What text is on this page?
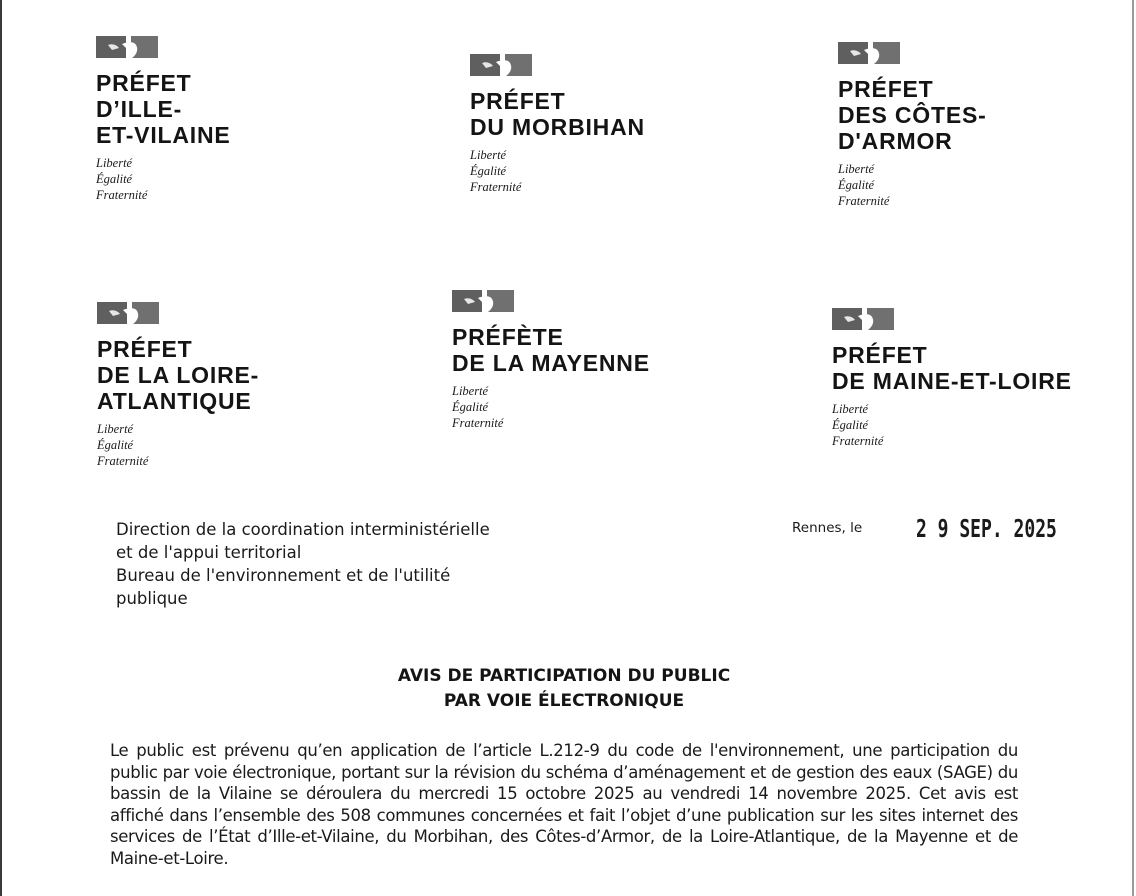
PRÉFET
D’ILLE-
ET-VILAINE
Liberté
Égalité
Fraternité
PRÉFET
DU MORBIHAN
Liberté
Égalité
Fraternité
PRÉFET
DES CÔTES-
D'ARMOR
Liberté
Égalité
Fraternité
PRÉFET
DE LA LOIRE-
ATLANTIQUE
Liberté
Égalité
Fraternité
PRÉFÈTE
DE LA MAYENNE
Liberté
Égalité
Fraternité
PRÉFET
DE MAINE-ET-LOIRE
Liberté
Égalité
Fraternité
Direction de la coordination interministérielle
et de l'appui territorial
Bureau de l'environnement et de l'utilité
publique
Rennes, le 2 9 SEP. 2025
AVIS DE PARTICIPATION DU PUBLIC
PAR VOIE ÉLECTRONIQUE

Le public est prévenu qu’en application de l’article L.212-9 du code de l'environnement, une participation du public par voie électronique, portant sur la révision du schéma d’aménagement et de gestion des eaux (SAGE) du bassin de la Vilaine se déroulera du mercredi 15 octobre 2025 au vendredi 14 novembre 2025. Cet avis est affiché dans l’ensemble des 508 communes concernées et fait l’objet d’une publication sur les sites internet des services de l’État d’Ille-et-Vilaine, du Morbihan, des Côtes-d’Armor, de la Loire-Atlantique, de la Mayenne et de Maine-et-Loire.
